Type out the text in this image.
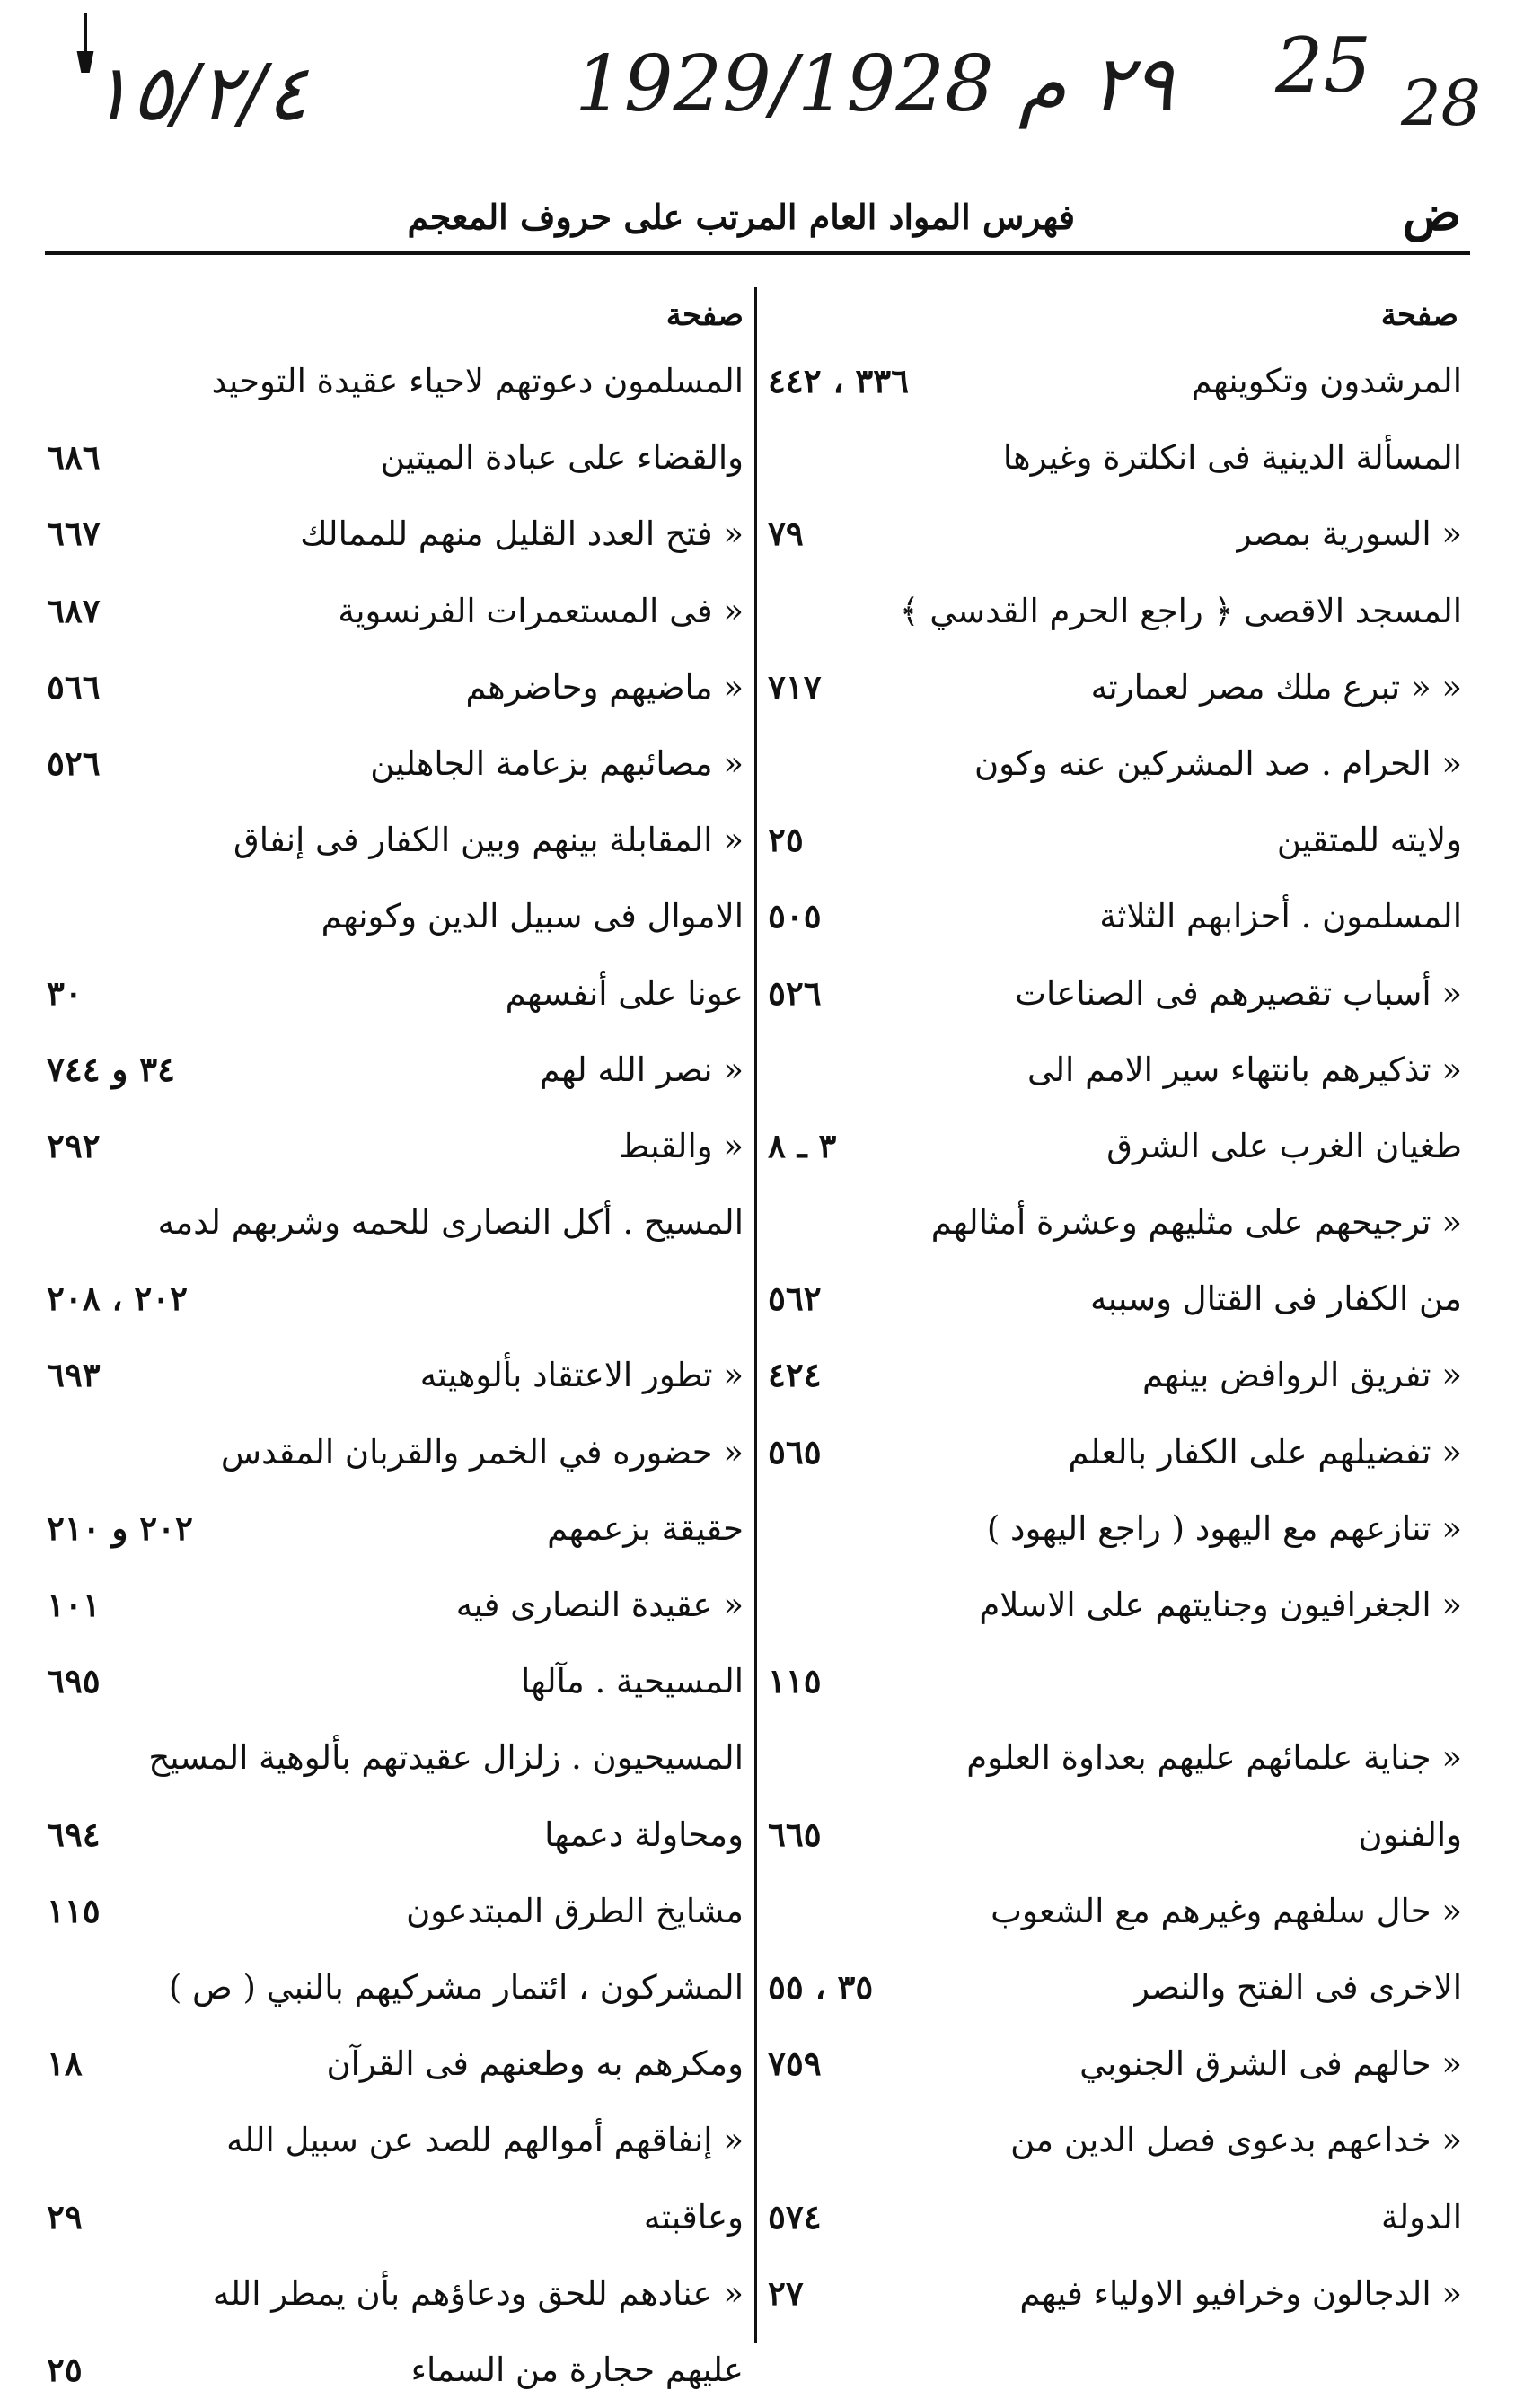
١٥/٢/٤	1929/1928 ٢٩ م 25 28
ض
فهرس المواد العام المرتب على حروف المعجم
صفحة
المرشدون وتكوينهم
٣٣٦ ، ٤٤٢
المسألة الدينية فى انكلترة وغيرها
« السورية بمصر
٧٩
المسجد الاقصى ﴿ راجع الحرم القدسي ﴾
« « تبرع ملك مصر لعمارته
٧١٧
« الحرام . صد المشركين عنه وكون
ولايته للمتقين
٢٥
المسلمون . أحزابهم الثلاثة
٥٠٥
« أسباب تقصيرهم فى الصناعات
٥٢٦
« تذكيرهم بانتهاء سير الامم الى
طغيان الغرب على الشرق
٣ ـ ٨
« ترجيحهم على مثليهم وعشرة أمثالهم
من الكفار فى القتال وسببه
٥٦٢
« تفريق الروافض بينهم
٤٢٤
« تفضيلهم على الكفار بالعلم
٥٦٥
« تنازعهم مع اليهود ( راجع اليهود )
« الجغرافيون وجنايتهم على الاسلام
١١٥
« جناية علمائهم عليهم بعداوة العلوم
والفنون
٦٦٥
« حال سلفهم وغيرهم مع الشعوب
الاخرى فى الفتح والنصر
٣٥ ، ٥٥
« حالهم فى الشرق الجنوبي
٧٥٩
« خداعهم بدعوى فصل الدين من
الدولة
٥٧٤
« الدجالون وخرافيو الاولياء فيهم
٢٧
صفحة
المسلمون دعوتهم لاحياء عقيدة التوحيد
والقضاء على عبادة الميتين
٦٨٦
« فتح العدد القليل منهم للممالك
٦٦٧
« فى المستعمرات الفرنسوية
٦٨٧
« ماضيهم وحاضرهم
٥٦٦
« مصائبهم بزعامة الجاهلين
٥٢٦
« المقابلة بينهم وبين الكفار فى إنفاق
الاموال فى سبيل الدين وكونهم
عونا على أنفسهم
٣٠
« نصر الله لهم
٣٤ و ٧٤٤
« والقبط
٢٩٢
المسيح . أكل النصارى للحمه وشربهم لدمه
٢٠٢ ، ٢٠٨
« تطور الاعتقاد بألوهيته
٦٩٣
« حضوره في الخمر والقربان المقدس
حقيقة بزعمهم
٢٠٢ و ٢١٠
« عقيدة النصارى فيه
١٠١
المسيحية . مآلها
٦٩٥
المسيحيون . زلزال عقيدتهم بألوهية المسيح
ومحاولة دعمها
٦٩٤
مشايخ الطرق المبتدعون
١١٥
المشركون ، ائتمار مشركيهم بالنبي ( ص )
ومكرهم به وطعنهم فى القرآن
١٨
« إنفاقهم أموالهم للصد عن سبيل الله
وعاقبته
٢٩
« عنادهم للحق ودعاؤهم بأن يمطر الله
عليهم حجارة من السماء
٢٥
